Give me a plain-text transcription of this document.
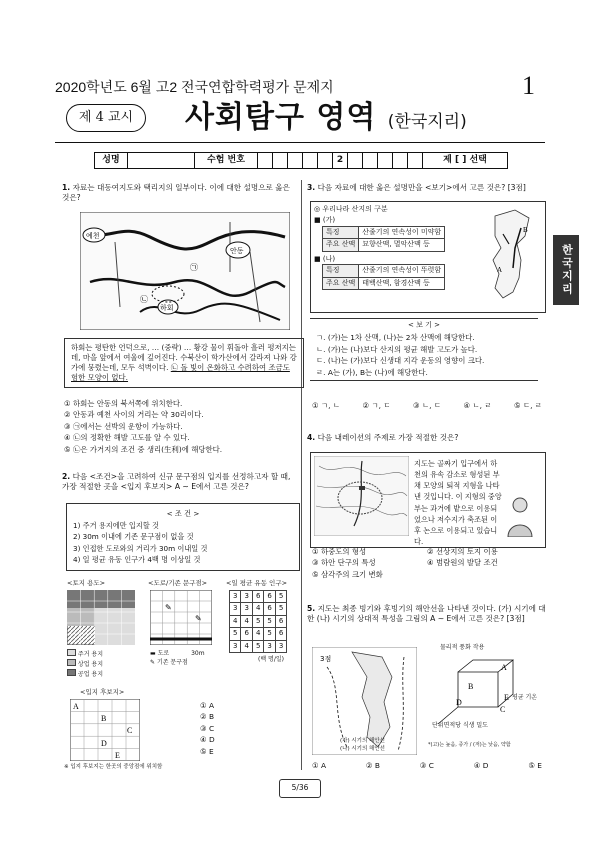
2020학년도 6월 고2 전국연합학력평가 문제지	1
제 4 교시	사회탐구 영역 (한국지리)
성명	수험 번호	2	제 [ ] 선택
한국지리
1. 자료는 대동여지도와 택리지의 일부이다. 이에 대한 설명으로 옳은 것은?
예천
안동
하회
㉠
㉡
하회는 평탄한 언덕으로, … (중략) … 황강 물이 휘돌아 흘러 평저지는데, 마을 앞에서 여울에 깊어진다. 수북산이 학가산에서 갈라져 나와 강가에 뭉렸는데, 모두 석벽이다. ㉡ 돌 빛이 온화하고 수려하여 조금도 험한 모양이 없다.
① 하회는 안동의 북서쪽에 위치한다.
② 안동과 예천 사이의 거리는 약 30리이다.
③ ㉠에서는 선박의 운항이 가능하다.
④ ㉡의 정확한 해발 고도를 알 수 있다.
⑤ ㉡은 가거지의 조건 중 생리(生利)에 해당한다.
2. 다음 <조건>을 고려하여 신규 문구점의 입지를 선정하고자 할 때, 가장 적절한 곳을 <입지 후보지> A ~ E에서 고른 것은?
< 조 건 >
1) 주거 용지에만 입지할 것
2) 30m 이내에 기존 문구점이 없을 것
3) 인접한 도로와의 거리가 30m 이내일 것
4) 일 평균 유동 인구가 4백 명 이상일 것
<토지 용도>
주거 용지
상업 용지
공업 용지
<도로/기존 문구점>
✎
✎
▬ 도로	30m
✎ 기존 문구점
<일 평균 유동 인구>
3	3	6	6	5
3	3	4	6	5
4	4	5	5	6
5	6	4	5	6
3	4	5	3	3
(백 명/일)
<입지 후보지>
A
B
C
D
E
※ 입지 후보지는 한곳의 중앙점에 위치함
① A
② B
③ C
④ D
⑤ E
3. 다음 자료에 대한 옳은 설명만을 <보기>에서 고른 것은? [3점]
◎ 우리나라 산지의 구분
■ (가)
특징	산줄기의 연속성이 미약함
주요 산맥	묘향산맥, 멸악산맥 등
■ (나)
특징	산줄기의 연속성이 뚜렷함
주요 산맥	태백산맥, 함경산맥 등
A
B
< 보 기 >
ㄱ. (가)는 1차 산맥, (나)는 2차 산맥에 해당한다.
ㄴ. (가)는 (나)보다 산지의 평균 해발 고도가 높다.
ㄷ. (나)는 (가)보다 신생대 지각 운동의 영향이 크다.
ㄹ. A는 (가), B는 (나)에 해당한다.
① ㄱ, ㄴ	② ㄱ, ㄷ	③ ㄴ, ㄷ	④ ㄴ, ㄹ	⑤ ㄷ, ㄹ
4. 다음 내레이션의 주제로 가장 적절한 것은?
지도는 골짜기 입구에서 하천의 유속 감소로 형성된 부채 모양의 퇴적 지형을 나타낸 것입니다. 이 지형의 중앙부는 과거에 밭으로 이용되었으나 저수지가 축조된 이후 논으로 이용되고 있습니다.
① 하중도의 형성	② 선상지의 토지 이용
③ 하안 단구의 특성	④ 범람원의 발달 조건
⑤ 삼각주의 크기 변화
5. 지도는 최종 빙기와 후빙기의 해안선을 나타낸 것이다. (가) 시기에 대한 (나) 시기의 상대적 특성을 그림의 A ~ E에서 고른 것은? [3점]
3점
(가) 시기의 해안선
(나) 시기의 해안선
물리적 풍화 작용
A
D
B
C
E 평균 기온
단위면적당 식생 밀도
*(고)는 높음, 증가 / (저)는 낮음, 약함
① A	② B	③ C	④ D	⑤ E
5 / 36
